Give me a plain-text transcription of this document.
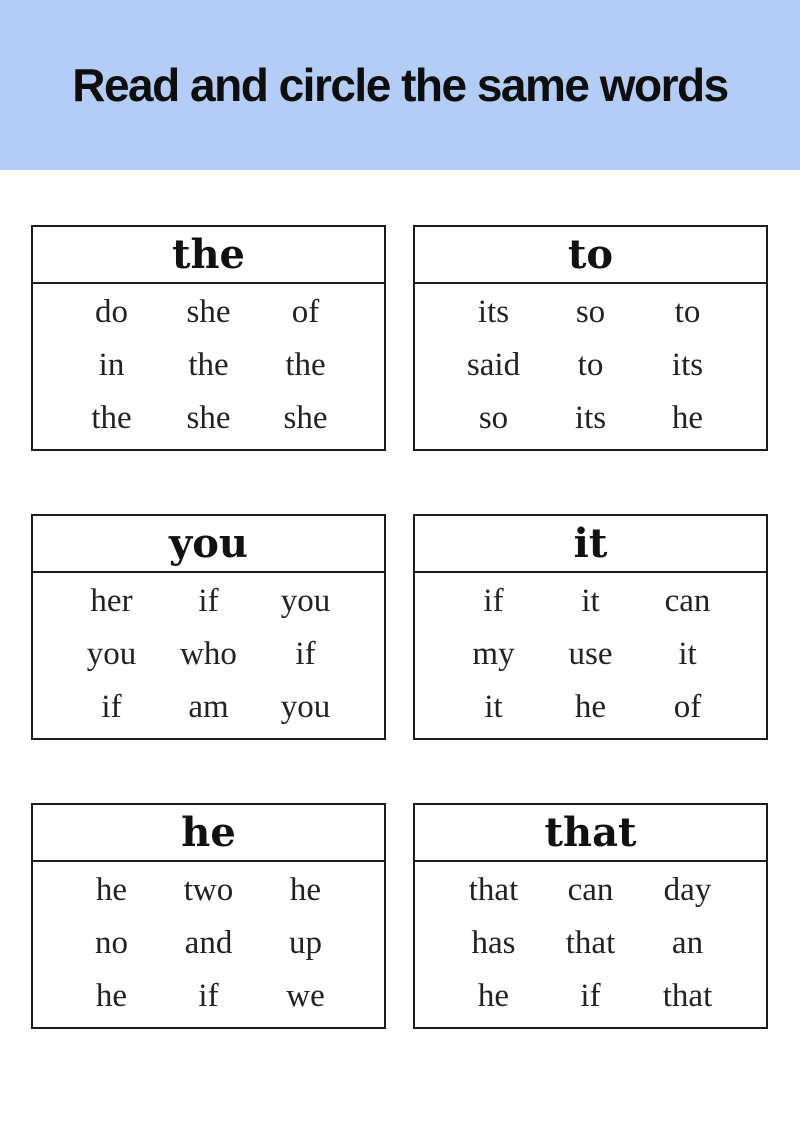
Read and circle the same words
the
do she of
in the the
the she she
to
its so to
said to its
so its he
you
her if you
you who if
if am you
it
if it can
my use it
it he of
he
he two he
no and up
he if we
that
that can day
has that an
he if that
